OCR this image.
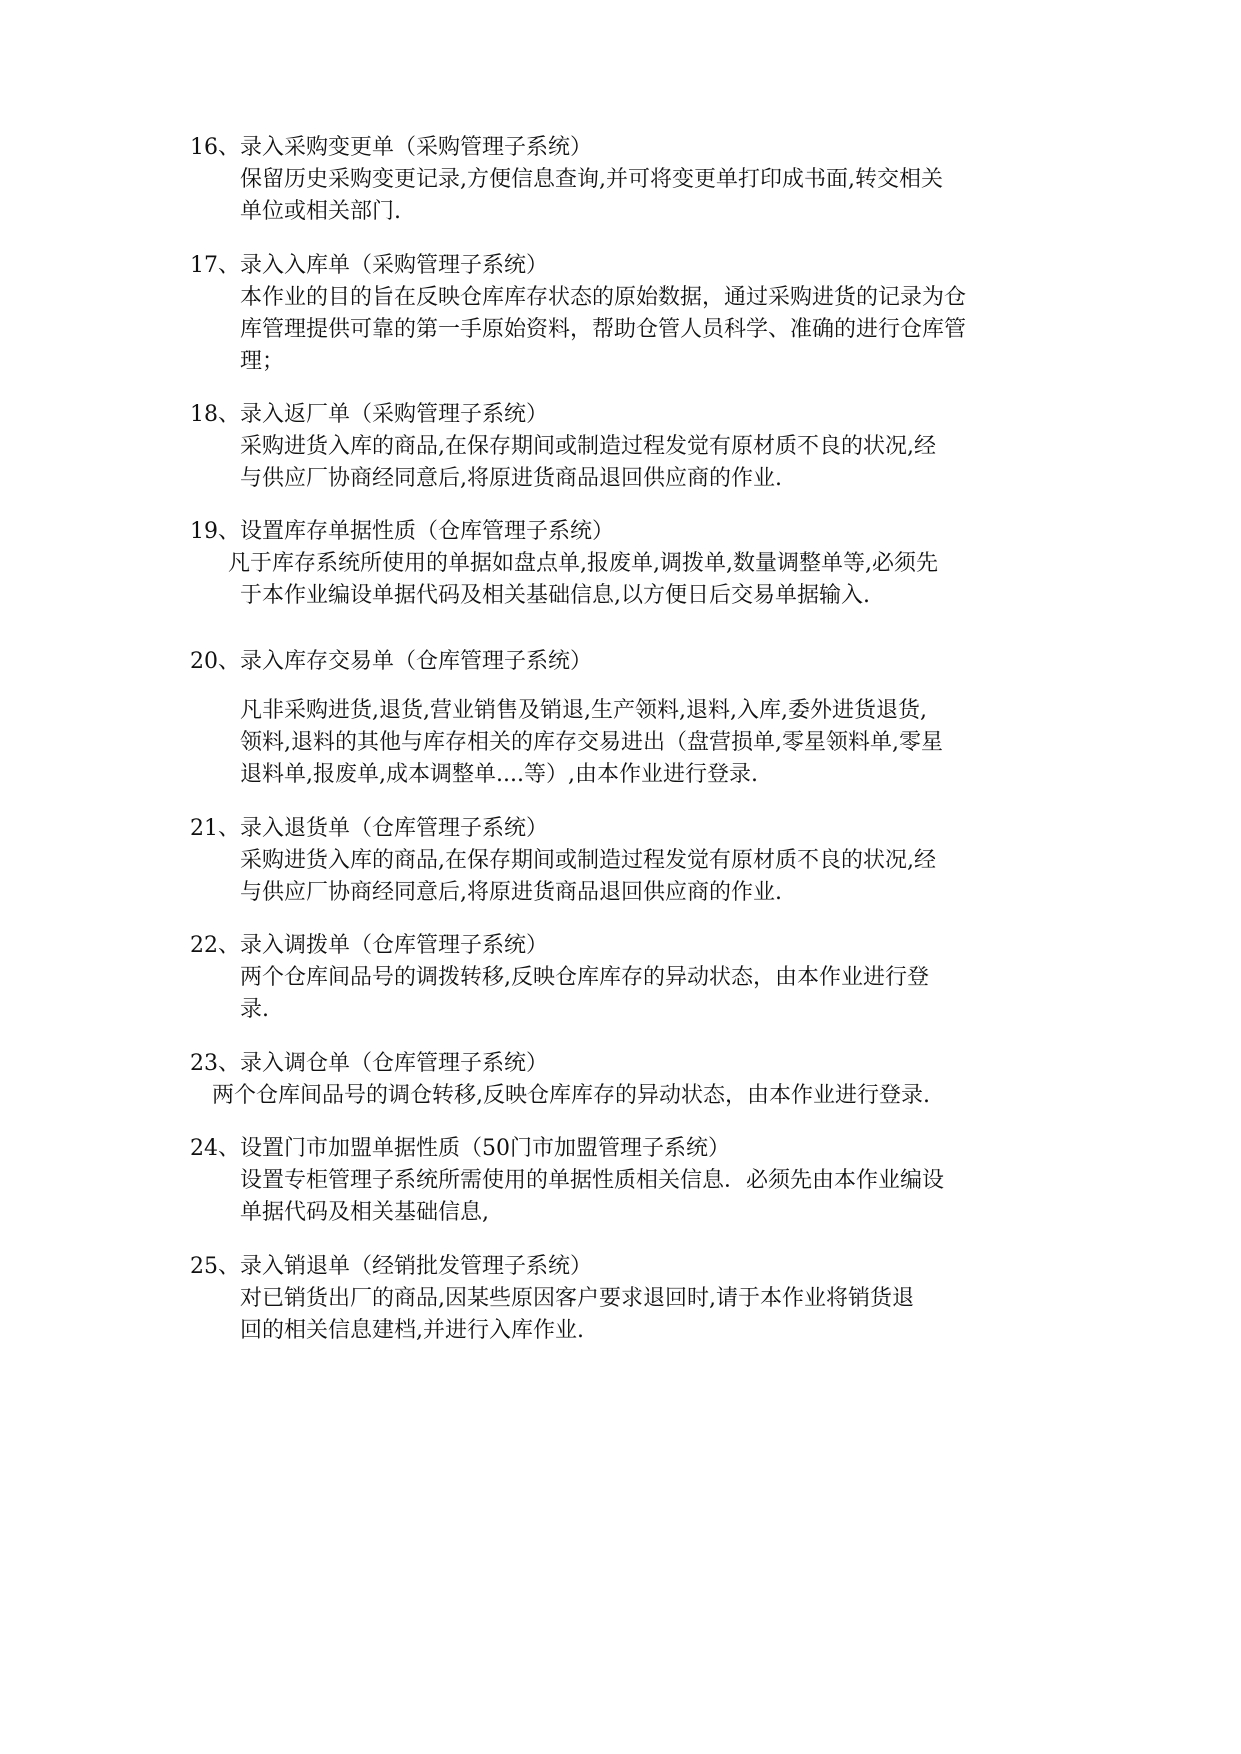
16、录入采购变更单（采购管理子系统）
保留历史采购变更记录,方便信息查询,并可将变更单打印成书面,转交相关
单位或相关部门.
17、录入入库单（采购管理子系统）
本作业的目的旨在反映仓库库存状态的原始数据，通过采购进货的记录为仓
库管理提供可靠的第一手原始资料，帮助仓管人员科学、准确的进行仓库管
理；
18、录入返厂单（采购管理子系统）
采购进货入库的商品,在保存期间或制造过程发觉有原材质不良的状况,经
与供应厂协商经同意后,将原进货商品退回供应商的作业.
19、设置库存单据性质（仓库管理子系统）
凡于库存系统所使用的单据如盘点单,报废单,调拨单,数量调整单等,必须先
于本作业编设单据代码及相关基础信息,以方便日后交易单据输入.
20、录入库存交易单（仓库管理子系统）
凡非采购进货,退货,营业销售及销退,生产领料,退料,入库,委外进货退货,
领料,退料的其他与库存相关的库存交易进出（盘营损单,零星领料单,零星
退料单,报废单,成本调整单....等）,由本作业进行登录.
21、录入退货单（仓库管理子系统）
采购进货入库的商品,在保存期间或制造过程发觉有原材质不良的状况,经
与供应厂协商经同意后,将原进货商品退回供应商的作业.
22、录入调拨单（仓库管理子系统）
两个仓库间品号的调拨转移,反映仓库库存的异动状态，由本作业进行登
录.
23、录入调仓单（仓库管理子系统）
两个仓库间品号的调仓转移,反映仓库库存的异动状态，由本作业进行登录.
24、设置门市加盟单据性质（50门市加盟管理子系统）
设置专柜管理子系统所需使用的单据性质相关信息．必须先由本作业编设
单据代码及相关基础信息,
25、录入销退单（经销批发管理子系统）
对已销货出厂的商品,因某些原因客户要求退回时,请于本作业将销货退
回的相关信息建档,并进行入库作业.
